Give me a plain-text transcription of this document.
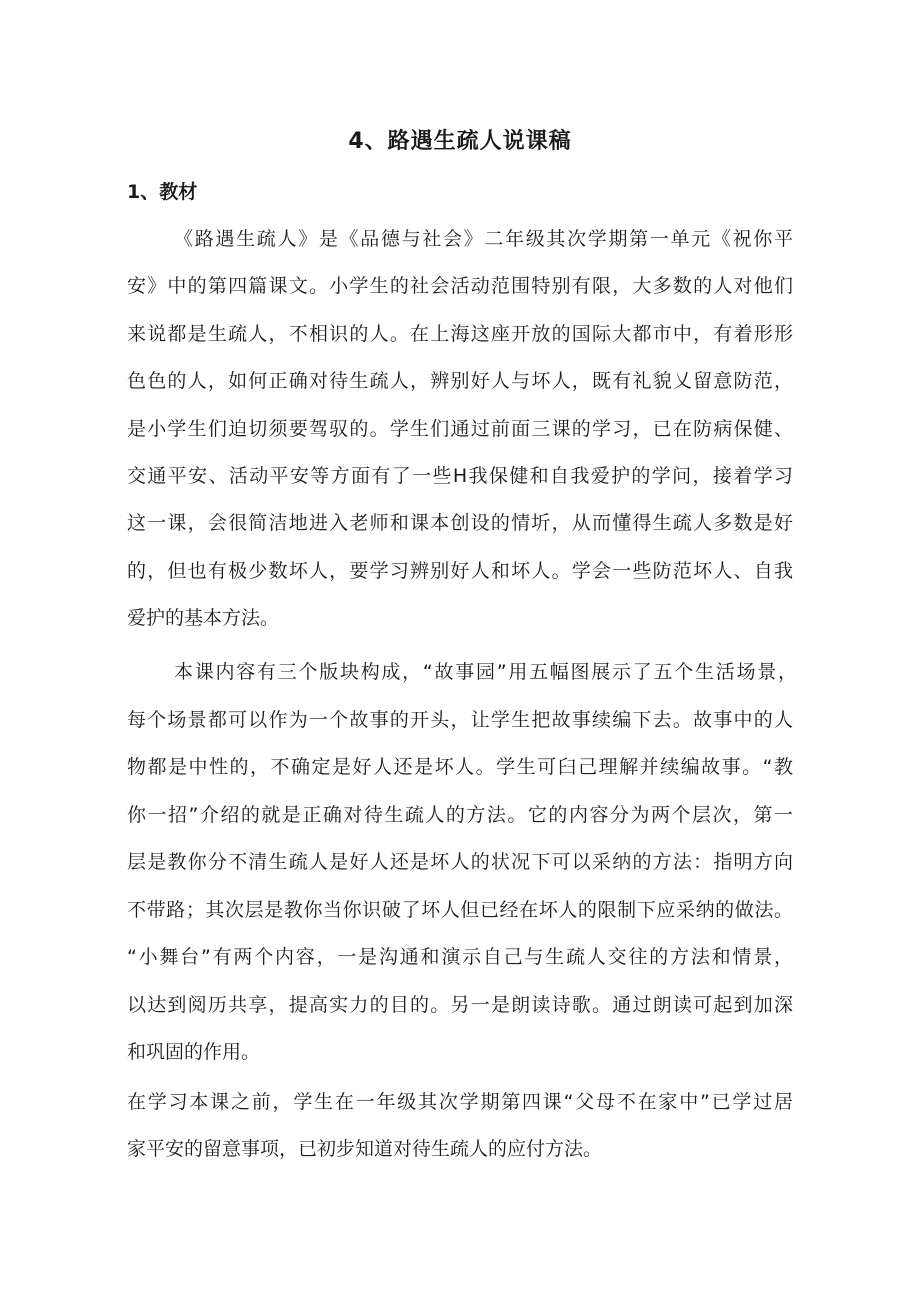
4、路遇生疏人说课稿
1、教材
《路遇生疏人》是《品德与社会》二年级其次学期第一单元《祝你平
安》中的第四篇课文。小学生的社会活动范围特别有限，大多数的人对他们
来说都是生疏人，不相识的人。在上海这座开放的国际大都市中，有着形形
色色的人，如何正确对待生疏人，辨别好人与坏人，既有礼貌乂留意防范，
是小学生们迫切须要驾驭的。学生们通过前面三课的学习，已在防病保健、
交通平安、活动平安等方面有了一些H我保健和自我爱护的学问，接着学习
这一课，会很简洁地进入老师和课本创设的情圻，从而懂得生疏人多数是好
的，但也有极少数坏人，要学习辨别好人和坏人。学会一些防范坏人、自我
爱护的基本方法。
本课内容有三个版块构成，“故事园”用五幅图展示了五个生活场景，
每个场景都可以作为一个故事的开头，让学生把故事续编下去。故事中的人
物都是中性的，不确定是好人还是坏人。学生可臼己理解并续编故事。“教
你一招”介绍的就是正确对待生疏人的方法。它的内容分为两个层次，第一
层是教你分不清生疏人是好人还是坏人的状况下可以采纳的方法：指明方向
不带路；其次层是教你当你识破了坏人但已经在坏人的限制下应采纳的做法。
“小舞台”有两个内容，一是沟通和演示自己与生疏人交往的方法和情景，
以达到阅历共享，提高实力的目的。另一是朗读诗歌。通过朗读可起到加深
和巩固的作用。
在学习本课之前，学生在一年级其次学期第四课“父母不在家中”已学过居
家平安的留意事项，已初步知道对待生疏人的应付方法。
